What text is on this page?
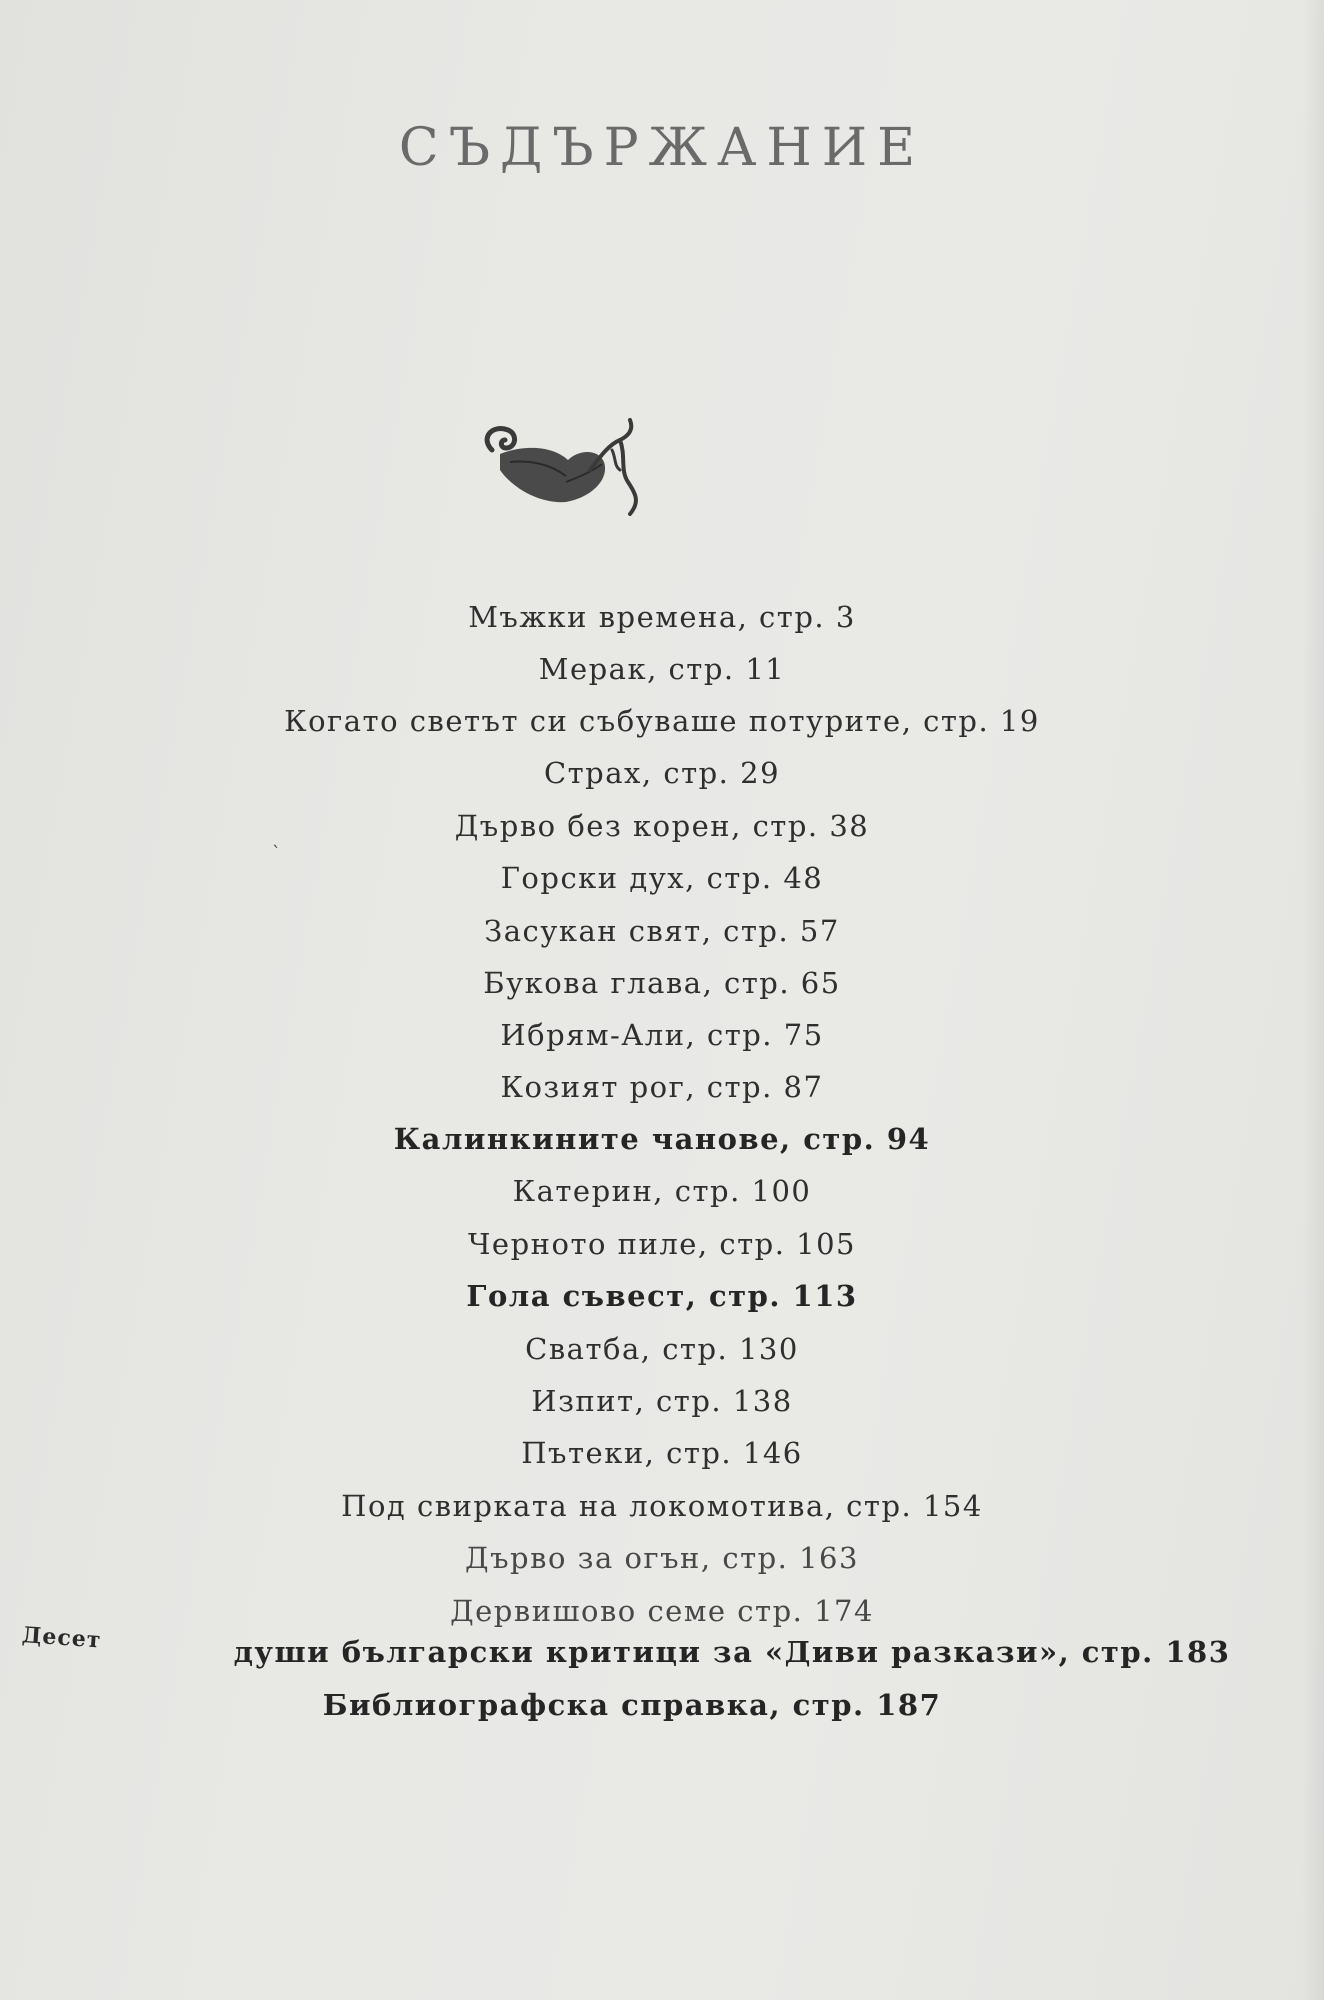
СЪДЪРЖАНИЕ
`
Мъжки времена, стр. 3
Мерак, стр. 11
Когато светът си събуваше потурите, стр. 19
Страх, стр. 29
Дърво без корен, стр. 38
Горски дух, стр. 48
Засукан свят, стр. 57
Букова глава, стр. 65
Ибрям-Али, стр. 75
Козият рог, стр. 87
Калинкините чанове, стр. 94
Катерин, стр. 100
Черното пиле, стр. 105
Гола съвест, стр. 113
Сватба, стр. 130
Изпит, стр. 138
Пътеки, стр. 146
Под свирката на локомотива, стр. 154
Дърво за огън, стр. 163
Дервишово семе стр. 174
души български критици за «Диви разкази», стр. 183
Библиографска справка, стр. 187
Десет
